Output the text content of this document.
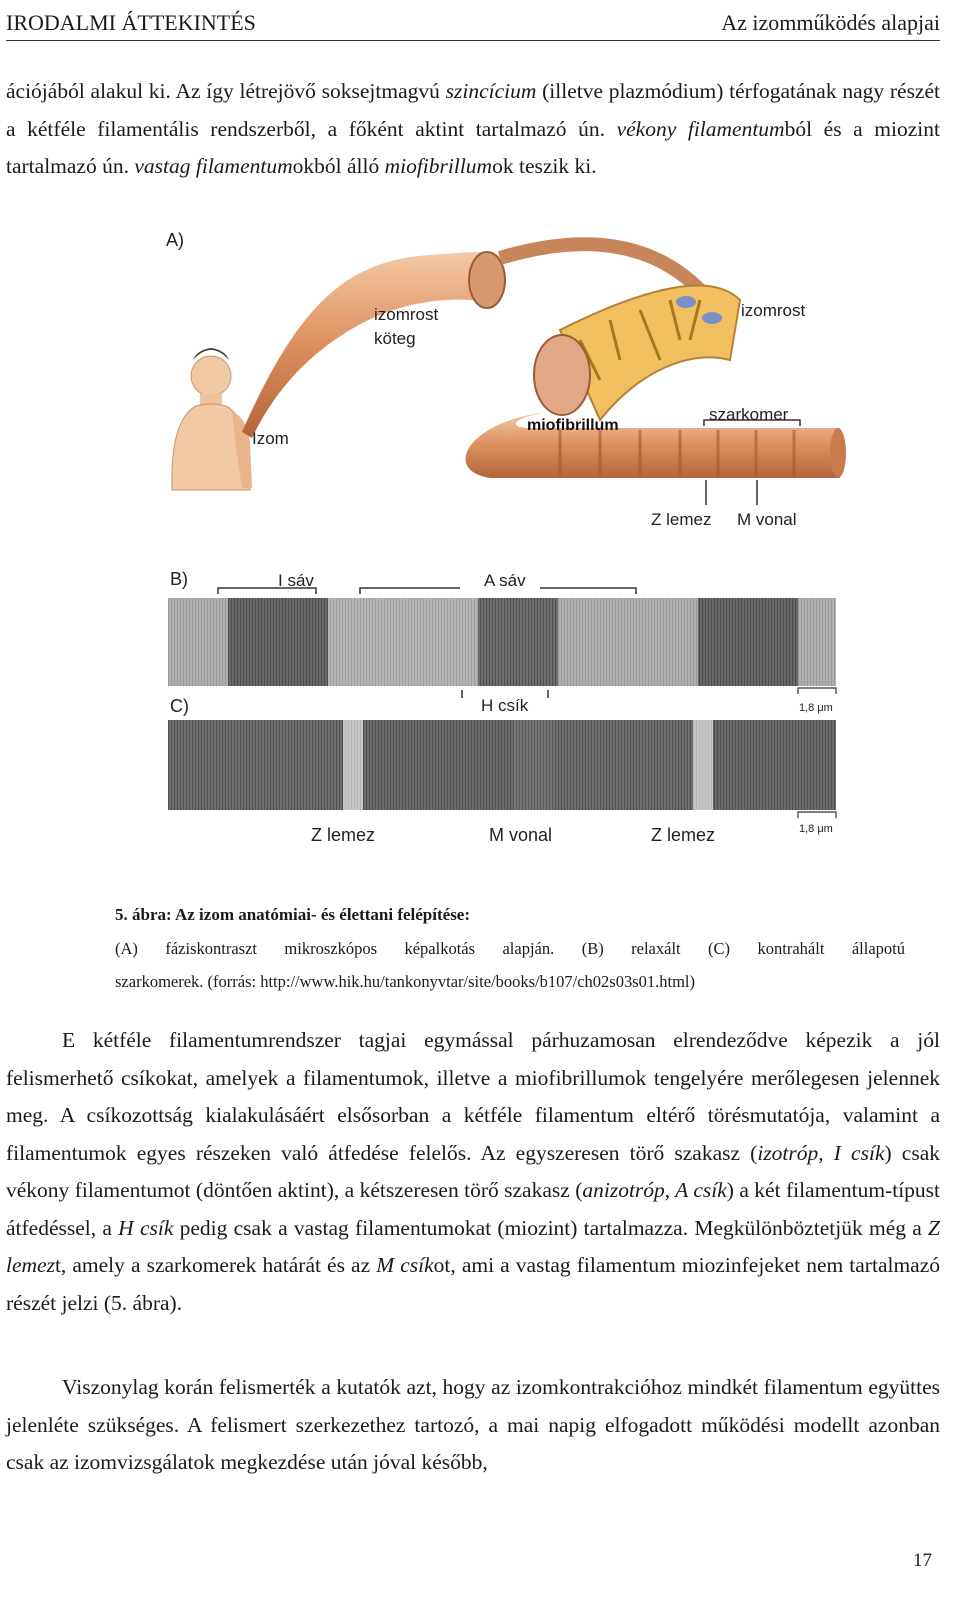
IRODALMI ÁTTEKINTÉS	Az izomműködés alapjai
ációjából alakul ki. Az így létrejövő soksejtmagvú szincícium (illetve plazmódium) térfogatának nagy részét a kétféle filamentális rendszerből, a főként aktint tartalmazó ún. vékony filamentumból és a miozint tartalmazó ún. vastag filamentumokból álló miofibrillumok teszik ki.
A)
Izom
izomrost
köteg
izomrost
miofibrillum
szarkomer
Z lemez M vonal
B)	I sáv	A sáv
C)	H csík	1,8 μm
1,8 μm
Z lemez	M vonal	Z lemez
5. ábra: Az izom anatómiai- és élettani felépítése:
(A) fáziskontraszt mikroszkópos képalkotás alapján. (B) relaxált (C) kontrahált állapotú
szarkomerek. (forrás: http://www.hik.hu/tankonyvtar/site/books/b107/ch02s03s01.html)
E kétféle filamentumrendszer tagjai egymással párhuzamosan elrendeződve képezik a jól felismerhető csíkokat, amelyek a filamentumok, illetve a miofibrillumok tengelyére merőlegesen jelennek meg. A csíkozottság kialakulásáért elsősorban a kétféle filamentum eltérő törésmutatója, valamint a filamentumok egyes részeken való átfedése felelős. Az egyszeresen törő szakasz (izotróp, I csík) csak vékony filamentumot (döntően aktint), a kétszeresen törő szakasz (anizotróp, A csík) a két filamentum-típust átfedéssel, a H csík pedig csak a vastag filamentumokat (miozint) tartalmazza. Megkülönböztetjük még a Z lemezt, amely a szarkomerek határát és az M csíkot, ami a vastag filamentum miozinfejeket nem tartalmazó részét jelzi (5. ábra).
Viszonylag korán felismerték a kutatók azt, hogy az izomkontrakcióhoz mindkét filamentum együttes jelenléte szükséges. A felismert szerkezethez tartozó, a mai napig elfogadott működési modellt azonban csak az izomvizsgálatok megkezdése után jóval később,
17
